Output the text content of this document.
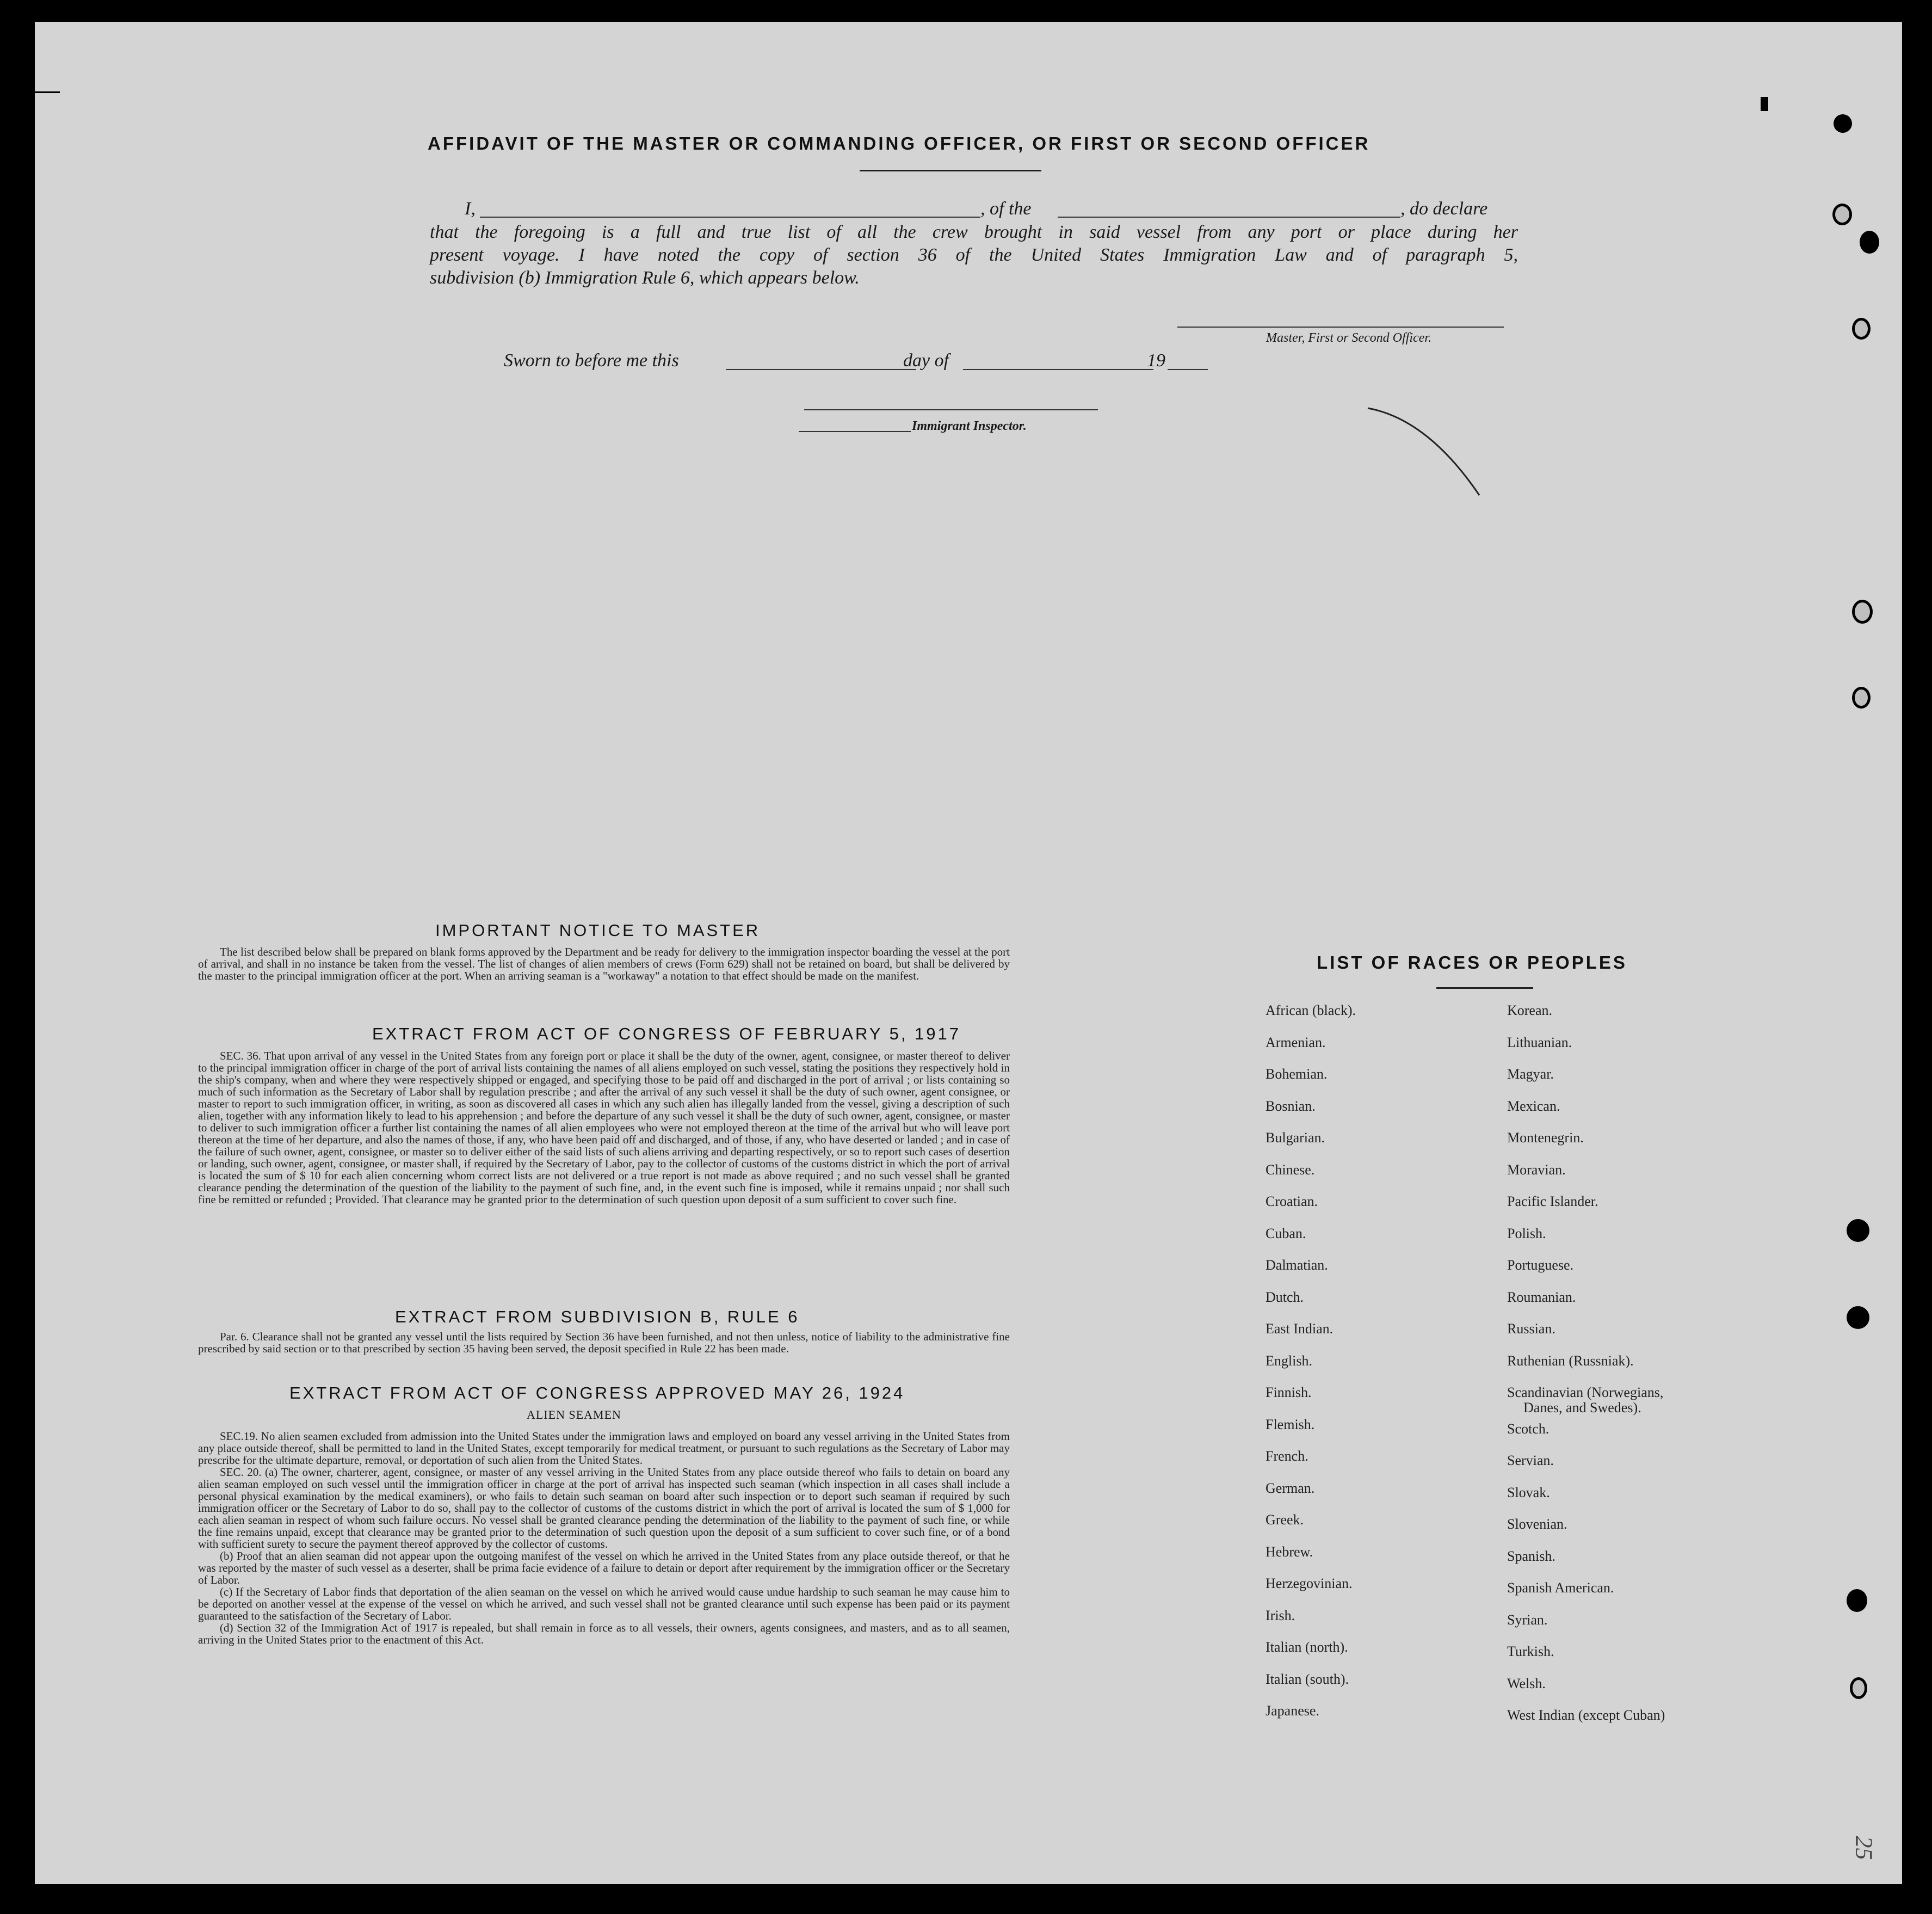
AFFIDAVIT OF THE MASTER OR COMMANDING OFFICER, OR FIRST OR SECOND OFFICER
I,	, of the	, do declare
that the foregoing is a full and true list of all the crew brought in said vessel from any port or place during her
present voyage. I have noted the copy of section 36 of the United States Immigration Law and of paragraph 5,
subdivision (b) Immigration Rule 6, which appears below.
Master, First or Second Officer.
Sworn to before me this	day of	19
Immigrant Inspector.
IMPORTANT NOTICE TO MASTER

The list described below shall be prepared on blank forms approved by the Department and be ready for delivery to the immigration inspector boarding the vessel at the port of arrival, and shall in no instance be taken from the vessel. The list of changes of alien members of crews (Form 629) shall not be retained on board, but shall be delivered by the master to the principal immigration officer at the port. When an arriving seaman is a "workaway" a notation to that effect should be made on the manifest.

EXTRACT FROM ACT OF CONGRESS OF FEBRUARY 5, 1917

SEC. 36. That upon arrival of any vessel in the United States from any foreign port or place it shall be the duty of the owner, agent, consignee, or master thereof to deliver to the principal immigration officer in charge of the port of arrival lists containing the names of all aliens employed on such vessel, stating the positions they respectively hold in the ship's company, when and where they were respectively shipped or engaged, and specifying those to be paid off and discharged in the port of arrival ; or lists containing so much of such information as the Secretary of Labor shall by regulation prescribe ; and after the arrival of any such vessel it shall be the duty of such owner, agent consignee, or master to report to such immigration officer, in writing, as soon as discovered all cases in which any such alien has illegally landed from the vessel, giving a description of such alien, together with any information likely to lead to his apprehension ; and before the departure of any such vessel it shall be the duty of such owner, agent, consignee, or master to deliver to such immigration officer a further list containing the names of all alien employees who were not employed thereon at the time of the arrival but who will leave port thereon at the time of her departure, and also the names of those, if any, who have been paid off and discharged, and of those, if any, who have deserted or landed ; and in case of the failure of such owner, agent, consignee, or master so to deliver either of the said lists of such aliens arriving and departing respectively, or so to report such cases of desertion or landing, such owner, agent, consignee, or master shall, if required by the Secretary of Labor, pay to the collector of customs of the customs district in which the port of arrival is located the sum of $ 10 for each alien concerning whom correct lists are not delivered or a true report is not made as above required ; and no such vessel shall be granted clearance pending the determination of the question of the liability to the payment of such fine, and, in the event such fine is imposed, while it remains unpaid ; nor shall such fine be remitted or refunded ; Provided. That clearance may be granted prior to the determination of such question upon deposit of a sum sufficient to cover such fine.

EXTRACT FROM SUBDIVISION B, RULE 6

Par. 6. Clearance shall not be granted any vessel until the lists required by Section 36 have been furnished, and not then unless, notice of liability to the administrative fine prescribed by said section or to that prescribed by section 35 having been served, the deposit specified in Rule 22 has been made.

EXTRACT FROM ACT OF CONGRESS APPROVED MAY 26, 1924
ALIEN SEAMEN

SEC.19. No alien seamen excluded from admission into the United States under the immigration laws and employed on board any vessel arriving in the United States from any place outside thereof, shall be permitted to land in the United States, except temporarily for medical treatment, or pursuant to such regulations as the Secretary of Labor may prescribe for the ultimate departure, removal, or deportation of such alien from the United States.

SEC. 20. (a) The owner, charterer, agent, consignee, or master of any vessel arriving in the United States from any place outside thereof who fails to detain on board any alien seaman employed on such vessel until the immigration officer in charge at the port of arrival has inspected such seaman (which inspection in all cases shall include a personal physical examination by the medical examiners), or who fails to detain such seaman on board after such inspection or to deport such seaman if required by such immigration officer or the Secretary of Labor to do so, shall pay to the collector of customs of the customs district in which the port of arrival is located the sum of $ 1,000 for each alien seaman in respect of whom such failure occurs. No vessel shall be granted clearance pending the determination of the liability to the payment of such fine, or while the fine remains unpaid, except that clearance may be granted prior to the determination of such question upon the deposit of a sum sufficient to cover such fine, or of a bond with sufficient surety to secure the payment thereof approved by the collector of customs.

(b) Proof that an alien seaman did not appear upon the outgoing manifest of the vessel on which he arrived in the United States from any place outside thereof, or that he was reported by the master of such vessel as a deserter, shall be prima facie evidence of a failure to detain or deport after requirement by the immigration officer or the Secretary of Labor.

(c) If the Secretary of Labor finds that deportation of the alien seaman on the vessel on which he arrived would cause undue hardship to such seaman he may cause him to be deported on another vessel at the expense of the vessel on which he arrived, and such vessel shall not be granted clearance until such expense has been paid or its payment guaranteed to the satisfaction of the Secretary of Labor.

(d) Section 32 of the Immigration Act of 1917 is repealed, but shall remain in force as to all vessels, their owners, agents consignees, and masters, and as to all seamen, arriving in the United States prior to the enactment of this Act.

LIST OF RACES OR PEOPLES
African (black).
Armenian.
Bohemian.
Bosnian.
Bulgarian.
Chinese.
Croatian.
Cuban.
Dalmatian.
Dutch.
East Indian.
English.
Finnish.
Flemish.
French.
German.
Greek.
Hebrew.
Herzegovinian.
Irish.
Italian (north).
Italian (south).
Japanese.
Korean.
Lithuanian.
Magyar.
Mexican.
Montenegrin.
Moravian.
Pacific Islander.
Polish.
Portuguese.
Roumanian.
Russian.
Ruthenian (Russniak).
Scandinavian (Norwegians,
Danes, and Swedes).
Scotch.
Servian.
Slovak.
Slovenian.
Spanish.
Spanish American.
Syrian.
Turkish.
Welsh.
West Indian (except Cuban)
25
